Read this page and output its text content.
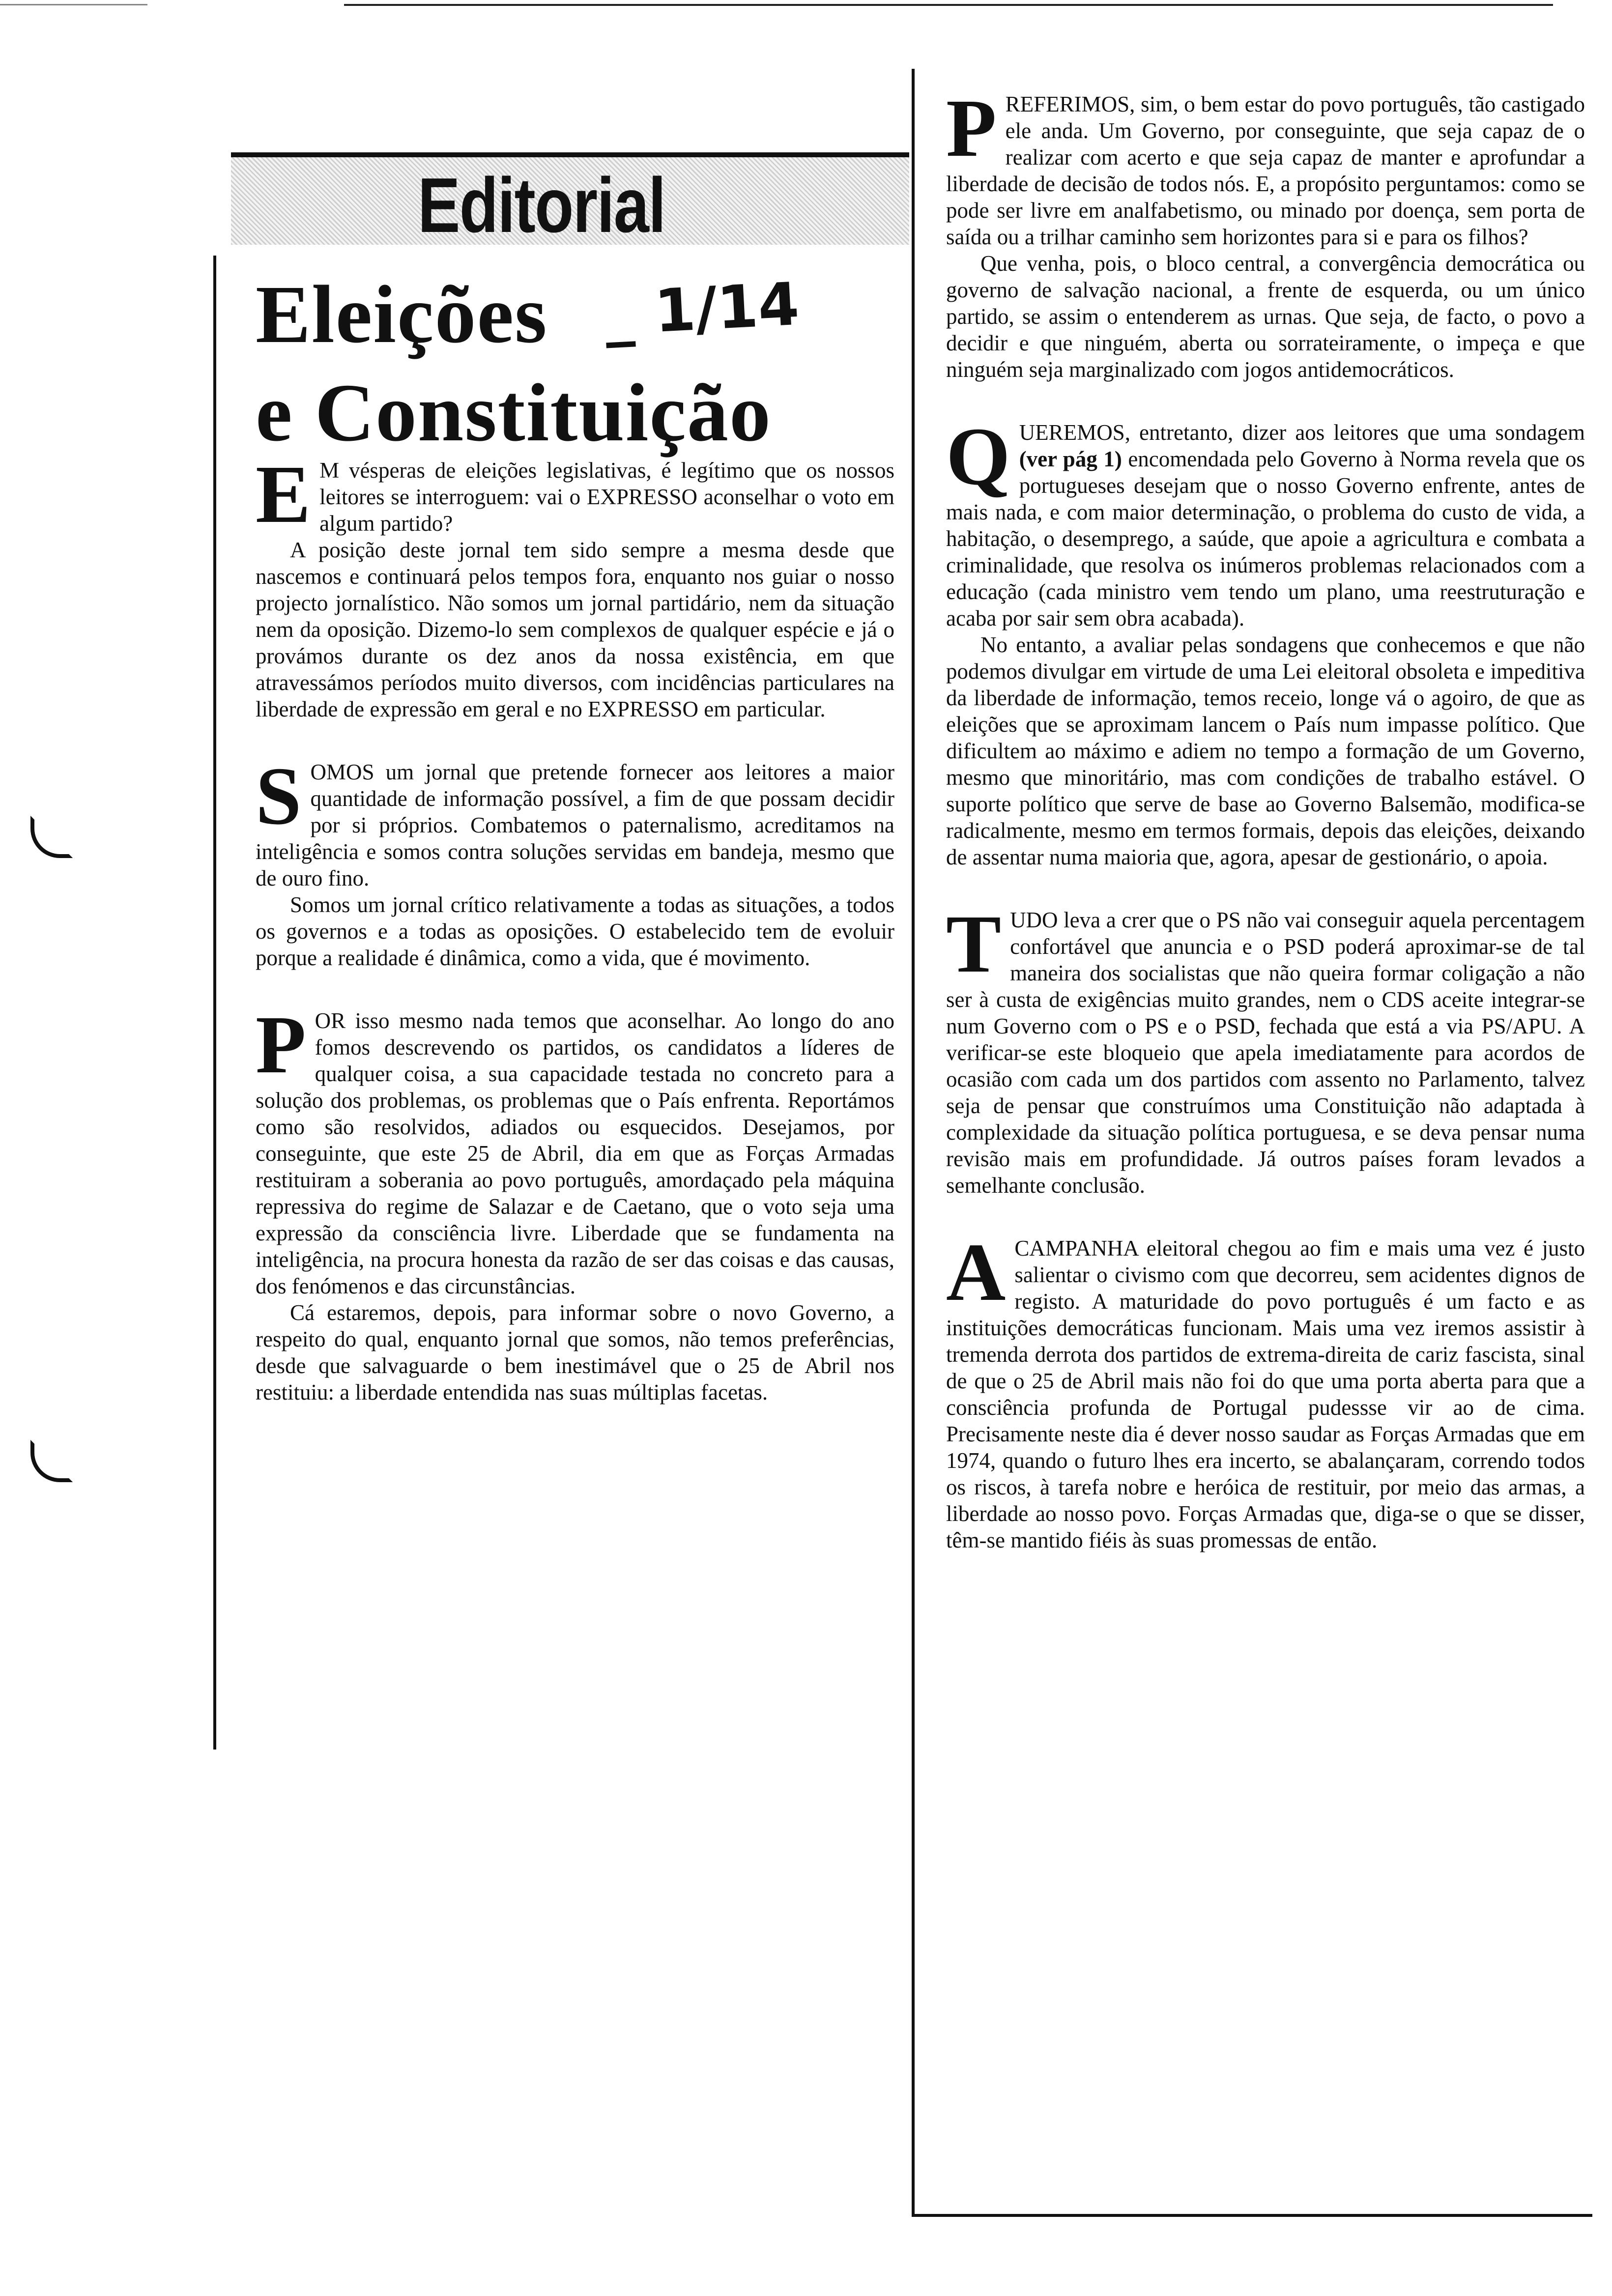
Editorial
Eleições
e Constituição
_ 1/14
E M vésperas de eleições legislativas, é legítimo que os nossos leitores se interroguem: vai o EXPRESSO aconselhar o voto em algum partido?

A posição deste jornal tem sido sempre a mesma desde que nascemos e continuará pelos tempos fora, enquanto nos guiar o nosso projecto jornalístico. Não somos um jornal partidário, nem da situação nem da oposição. Dizemo-lo sem complexos de qualquer espécie e já o provámos durante os dez anos da nossa existência, em que atravessámos períodos muito diversos, com incidências particulares na liberdade de expressão em geral e no EXPRESSO em particular.

S OMOS um jornal que pretende fornecer aos leitores a maior quantidade de informação possível, a fim de que possam decidir por si próprios. Combatemos o paternalismo, acreditamos na inteligência e somos contra soluções servidas em bandeja, mesmo que de ouro fino.

Somos um jornal crítico relativamente a todas as situações, a todos os governos e a todas as oposições. O estabelecido tem de evoluir porque a realidade é dinâmica, como a vida, que é movimento.

P OR isso mesmo nada temos que aconselhar. Ao longo do ano fomos descrevendo os partidos, os candidatos a líderes de qualquer coisa, a sua capacidade testada no concreto para a solução dos problemas, os problemas que o País enfrenta. Reportámos como são resolvidos, adiados ou esquecidos. Desejamos, por conseguinte, que este 25 de Abril, dia em que as Forças Armadas restituiram a soberania ao povo português, amordaçado pela máquina repressiva do regime de Salazar e de Caetano, que o voto seja uma expressão da consciência livre. Liberdade que se fundamenta na inteligência, na procura honesta da razão de ser das coisas e das causas, dos fenómenos e das circunstâncias.

Cá estaremos, depois, para informar sobre o novo Governo, a respeito do qual, enquanto jornal que somos, não temos preferências, desde que salvaguarde o bem inestimável que o 25 de Abril nos restituiu: a liberdade entendida nas suas múltiplas facetas.

P REFERIMOS, sim, o bem estar do povo português, tão castigado ele anda. Um Governo, por conseguinte, que seja capaz de o realizar com acerto e que seja capaz de manter e aprofundar a liberdade de decisão de todos nós. E, a propósito perguntamos: como se pode ser livre em analfabetismo, ou minado por doença, sem porta de saída ou a trilhar caminho sem horizontes para si e para os filhos?

Que venha, pois, o bloco central, a convergência democrática ou governo de salvação nacional, a frente de esquerda, ou um único partido, se assim o entenderem as urnas. Que seja, de facto, o povo a decidir e que ninguém, aberta ou sorrateiramente, o impeça e que ninguém seja marginalizado com jogos antidemocráticos.

Q UEREMOS, entretanto, dizer aos leitores que uma sondagem (ver pág 1) encomendada pelo Governo à Norma revela que os portugueses desejam que o nosso Governo enfrente, antes de mais nada, e com maior determinação, o problema do custo de vida, a habitação, o desemprego, a saúde, que apoie a agricultura e combata a criminalidade, que resolva os inúmeros problemas relacionados com a educação (cada ministro vem tendo um plano, uma reestruturação e acaba por sair sem obra acabada).

No entanto, a avaliar pelas sondagens que conhecemos e que não podemos divulgar em virtude de uma Lei eleitoral obsoleta e impeditiva da liberdade de informação, temos receio, longe vá o agoiro, de que as eleições que se aproximam lancem o País num impasse político. Que dificultem ao máximo e adiem no tempo a formação de um Governo, mesmo que minoritário, mas com condições de trabalho estável. O suporte político que serve de base ao Governo Balsemão, modifica-se radicalmente, mesmo em termos formais, depois das eleições, deixando de assentar numa maioria que, agora, apesar de gestionário, o apoia.

T UDO leva a crer que o PS não vai conseguir aquela percentagem confortável que anuncia e o PSD poderá aproximar-se de tal maneira dos socialistas que não queira formar coligação a não ser à custa de exigências muito grandes, nem o CDS aceite integrar-se num Governo com o PS e o PSD, fechada que está a via PS/APU. A verificar-se este bloqueio que apela imediatamente para acordos de ocasião com cada um dos partidos com assento no Parlamento, talvez seja de pensar que construímos uma Constituição não adaptada à complexidade da situação política portuguesa, e se deva pensar numa revisão mais em profundidade. Já outros países foram levados a semelhante conclusão.

A CAMPANHA eleitoral chegou ao fim e mais uma vez é justo salientar o civismo com que decorreu, sem acidentes dignos de registo. A maturidade do povo português é um facto e as instituições democráticas funcionam. Mais uma vez iremos assistir à tremenda derrota dos partidos de extrema-direita de cariz fascista, sinal de que o 25 de Abril mais não foi do que uma porta aberta para que a consciência profunda de Portugal pudessse vir ao de cima. Precisamente neste dia é dever nosso saudar as Forças Armadas que em 1974, quando o futuro lhes era incerto, se abalançaram, correndo todos os riscos, à tarefa nobre e heróica de restituir, por meio das armas, a liberdade ao nosso povo. Forças Armadas que, diga-se o que se disser, têm-se mantido fiéis às suas promessas de então.
